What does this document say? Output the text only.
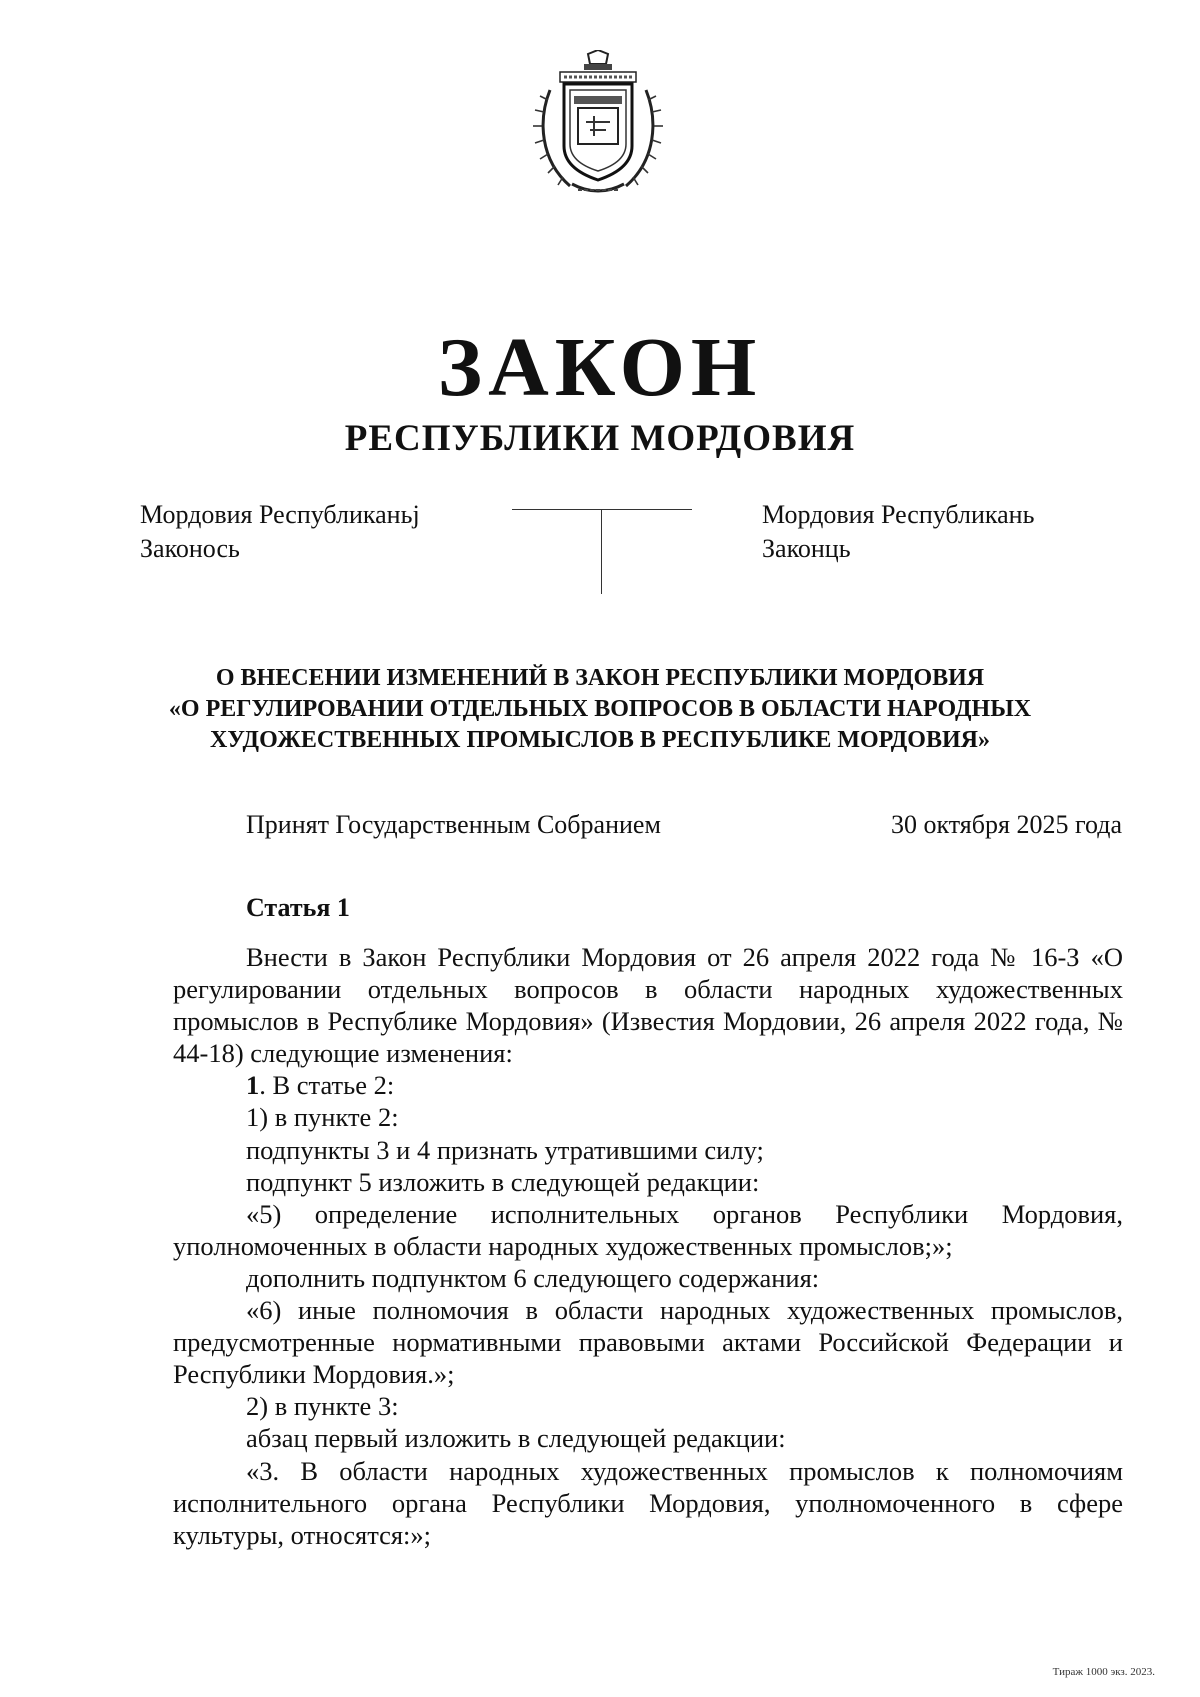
ЗАКОН
РЕСПУБЛИКИ МОРДОВИЯ
Мордовия Республиканьj
Законось
Мордовия Республикань
Законць
О ВНЕСЕНИИ ИЗМЕНЕНИЙ В ЗАКОН РЕСПУБЛИКИ МОРДОВИЯ
«О РЕГУЛИРОВАНИИ ОТДЕЛЬНЫХ ВОПРОСОВ В ОБЛАСТИ НАРОДНЫХ
ХУДОЖЕСТВЕННЫХ ПРОМЫСЛОВ В РЕСПУБЛИКЕ МОРДОВИЯ»
Принят Государственным Собранием	30 октября 2025 года
Статья 1

Внести в Закон Республики Мордовия от 26 апреля 2022 года № 16-З «О регулировании отдельных вопросов в области народных художественных промыслов в Республике Мордовия» (Известия Мордовии, 26 апреля 2022 года, № 44-18) следующие изменения:

1. В статье 2:

1) в пункте 2:

подпункты 3 и 4 признать утратившими силу;

подпункт 5 изложить в следующей редакции:

«5) определение исполнительных органов Республики Мордовия, уполномоченных в области народных художественных промыслов;»;

дополнить подпунктом 6 следующего содержания:

«6) иные полномочия в области народных художественных промыслов, предусмотренные нормативными правовыми актами Российской Федерации и Республики Мордовия.»;

2) в пункте 3:

абзац первый изложить в следующей редакции:

«3. В области народных художественных промыслов к полномочиям исполнительного органа Республики Мордовия, уполномоченного в сфере культуры, относятся:»;

Тираж 1000 экз. 2023.
